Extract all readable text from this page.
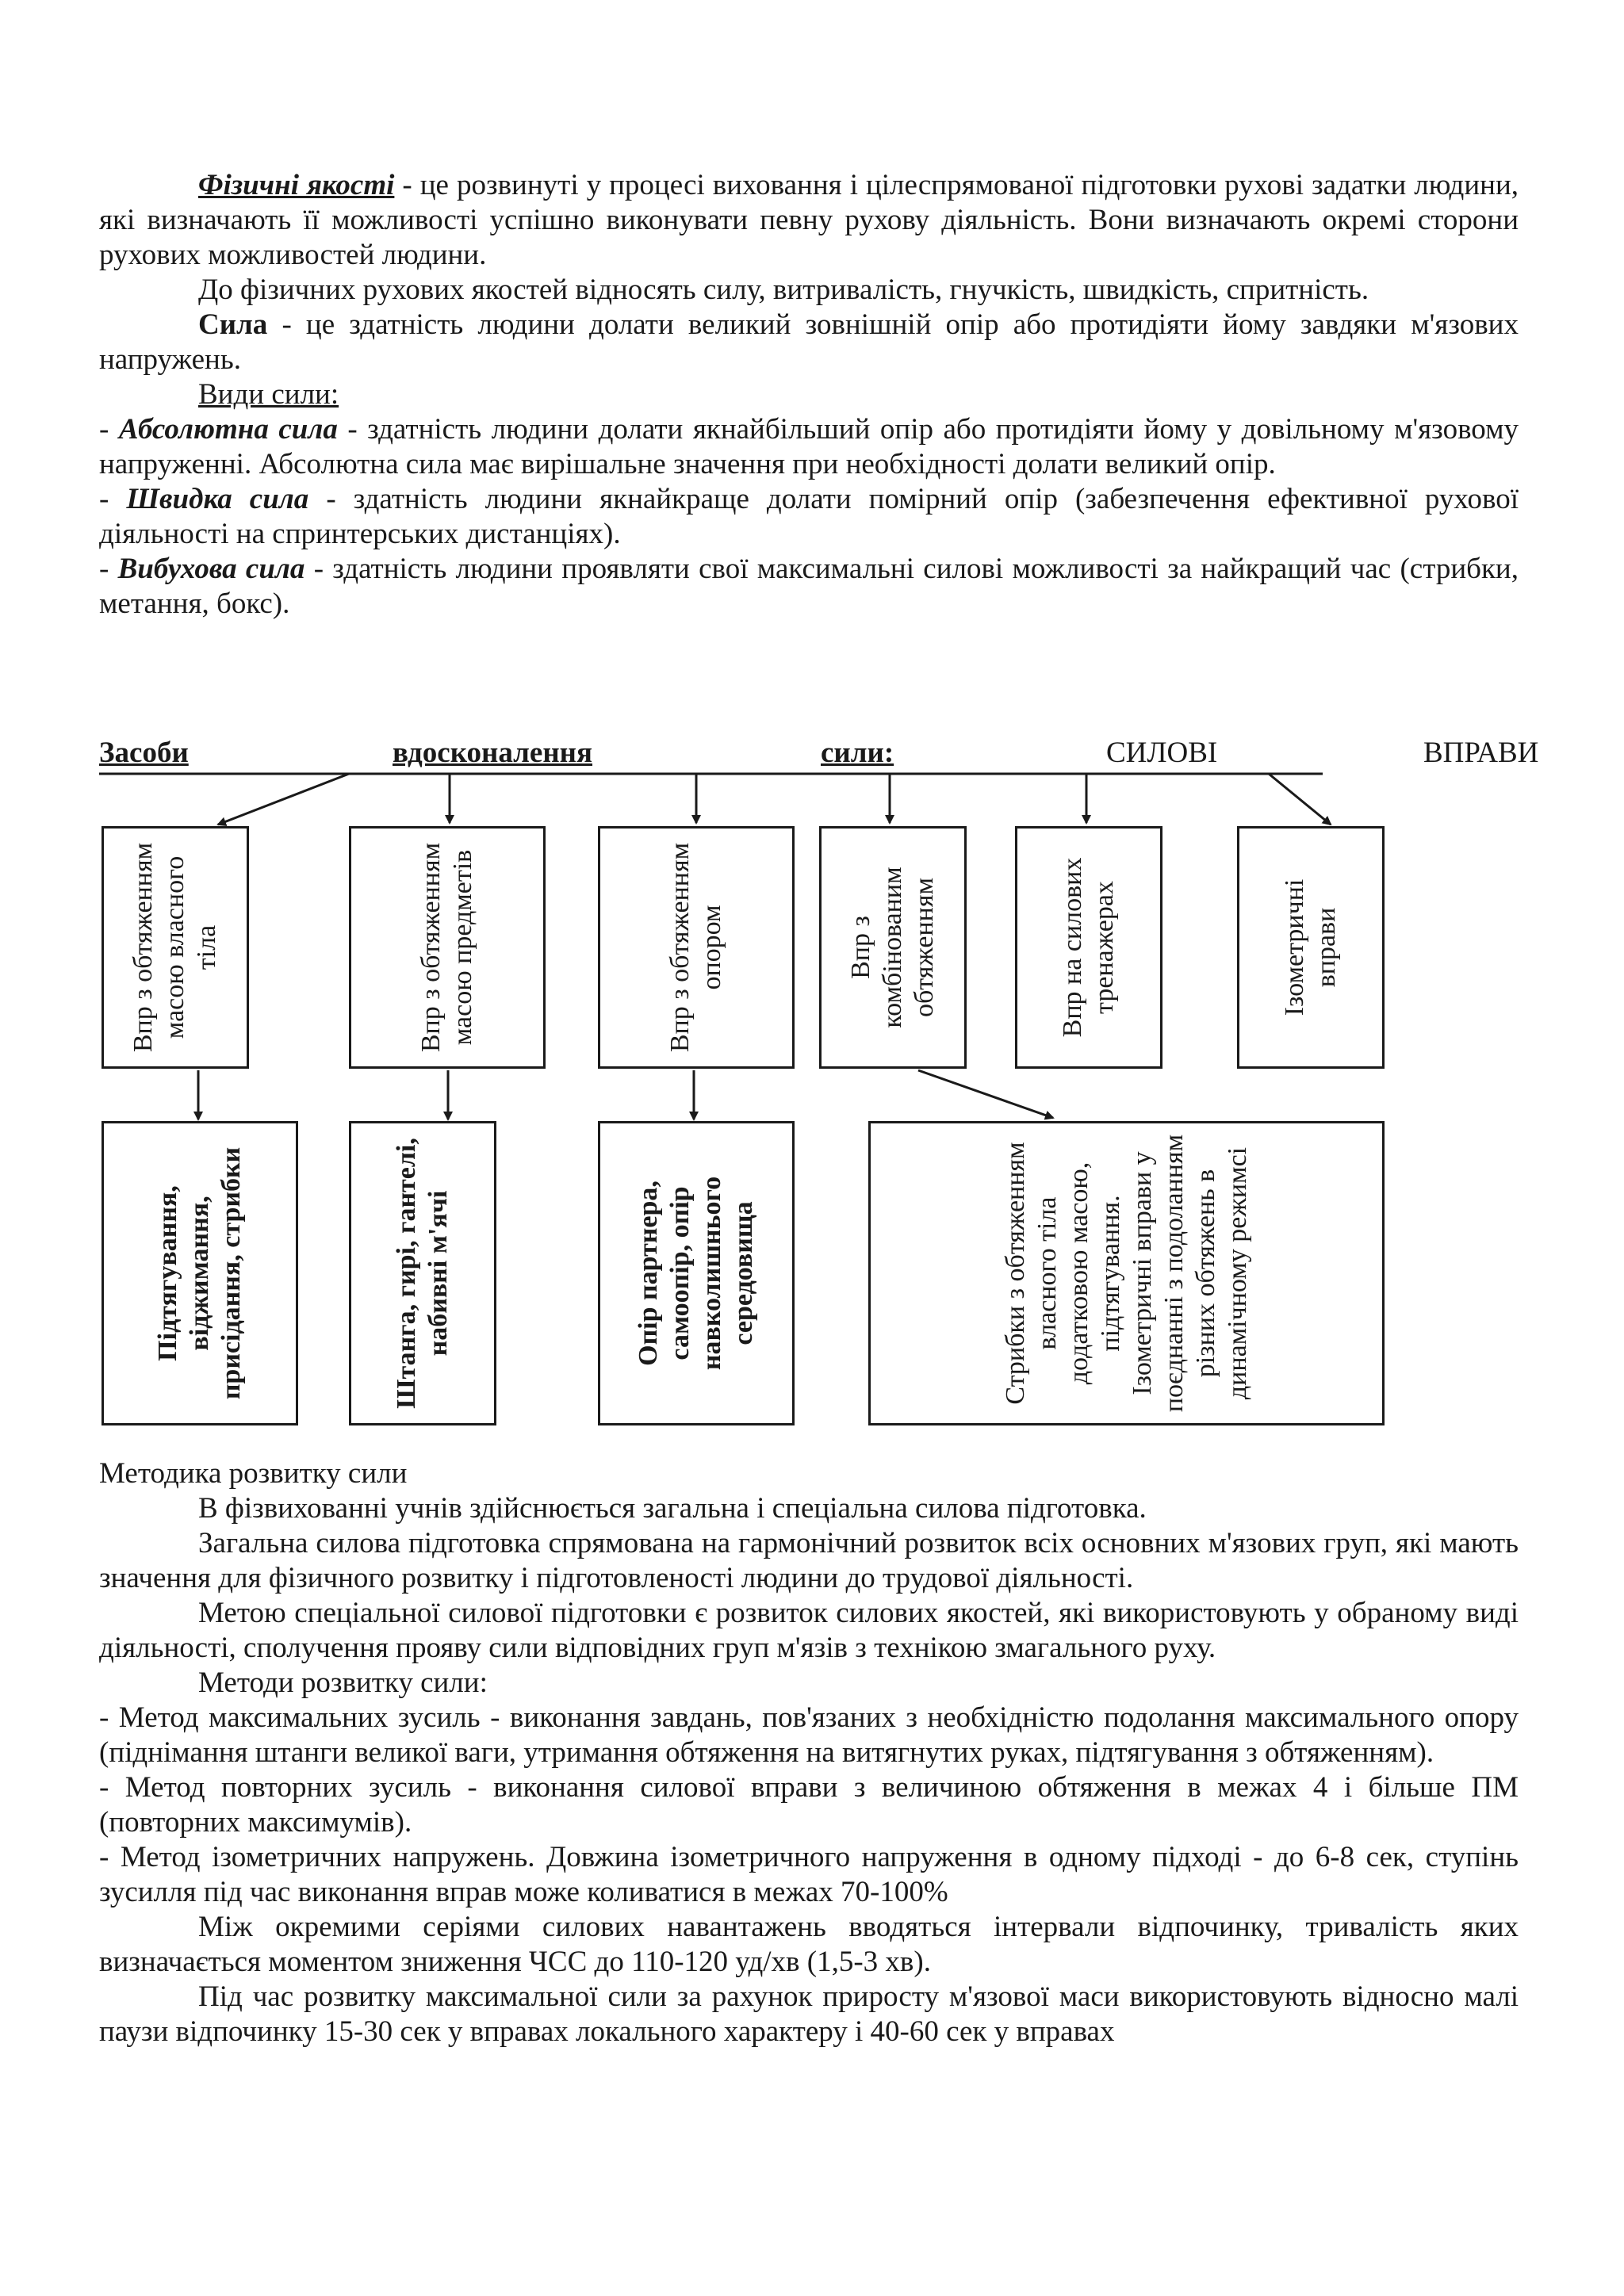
Фізичні якості - це розвинуті у процесі виховання і цілеспрямованої підготовки рухові задатки людини, які визначають її можливості успішно виконувати певну рухову діяльність. Вони визначають окремі сторони рухових можливостей людини.

До фізичних рухових якостей відносять силу, витривалість, гнучкість, швидкість, спритність.

Сила - це здатність людини долати великий зовнішній опір або протидіяти йому завдяки м'язових напружень.

Види сили:

- Абсолютна сила - здатність людини долати якнайбільший опір або протидіяти йому у довільному м'язовому напруженні. Абсолютна сила має вирішальне значення при необхідності долати великий опір.

- Швидка сила - здатність людини якнайкраще долати помірний опір (забезпечення ефективної рухової діяльності на спринтерських дистанціях).

- Вибухова сила - здатність людини проявляти свої максимальні силові можливості за найкращий час (стрибки, метання, бокс).

Засоби	вдосконалення	сили:	СИЛОВІ	ВПРАВИ
Впр з обтяженням масою власного тіла	Впр з обтяженням масою предметів	Впр з обтяженням опором	Впр з комбінованим обтяженням	Впр на силових тренажерах	Ізометричні вправи
Підтягування, віджимання, присідання, стрибки	Штанга, гирі, гантелі, набивні м'ячі	Опір партнера, самоопір, опір навколишнього середовища	Стрибки з обтяженням власного тіла додатковою масою, підтягування. Ізометричні вправи у поєднанні з подоланням різних обтяжень в динамічному режимсі

Методика розвитку сили

В фізвихованні учнів здійснюється загальна і спеціальна силова підготовка.

Загальна силова підготовка спрямована на гармонічний розвиток всіх основних м'язових груп, які мають значення для фізичного розвитку і підготовленості людини до трудової діяльності.

Метою спеціальної силової підготовки є розвиток силових якостей, які використовують у обраному виді діяльності, сполучення прояву сили відповідних груп м'язів з технікою змагального руху.

Методи розвитку сили:

- Метод максимальних зусиль - виконання завдань, пов'язаних з необхідністю подолання максимального опору (піднімання штанги великої ваги, утримання обтяження на витягнутих руках, підтягування з обтяженням).

- Метод повторних зусиль - виконання силової вправи з величиною обтяження в межах 4 і більше ПМ (повторних максимумів).

- Метод ізометричних напружень. Довжина ізометричного напруження в одному підході - до 6-8 сек, ступінь зусилля під час виконання вправ може коливатися в межах 70-100%

Між окремими серіями силових навантажень вводяться інтервали відпочинку, тривалість яких визначається моментом зниження ЧСС до 110-120 уд/хв (1,5-3 хв).

Під час розвитку максимальної сили за рахунок приросту м'язової маси використовують відносно малі паузи відпочинку 15-30 сек у вправах локального характеру і 40-60 сек у вправах
